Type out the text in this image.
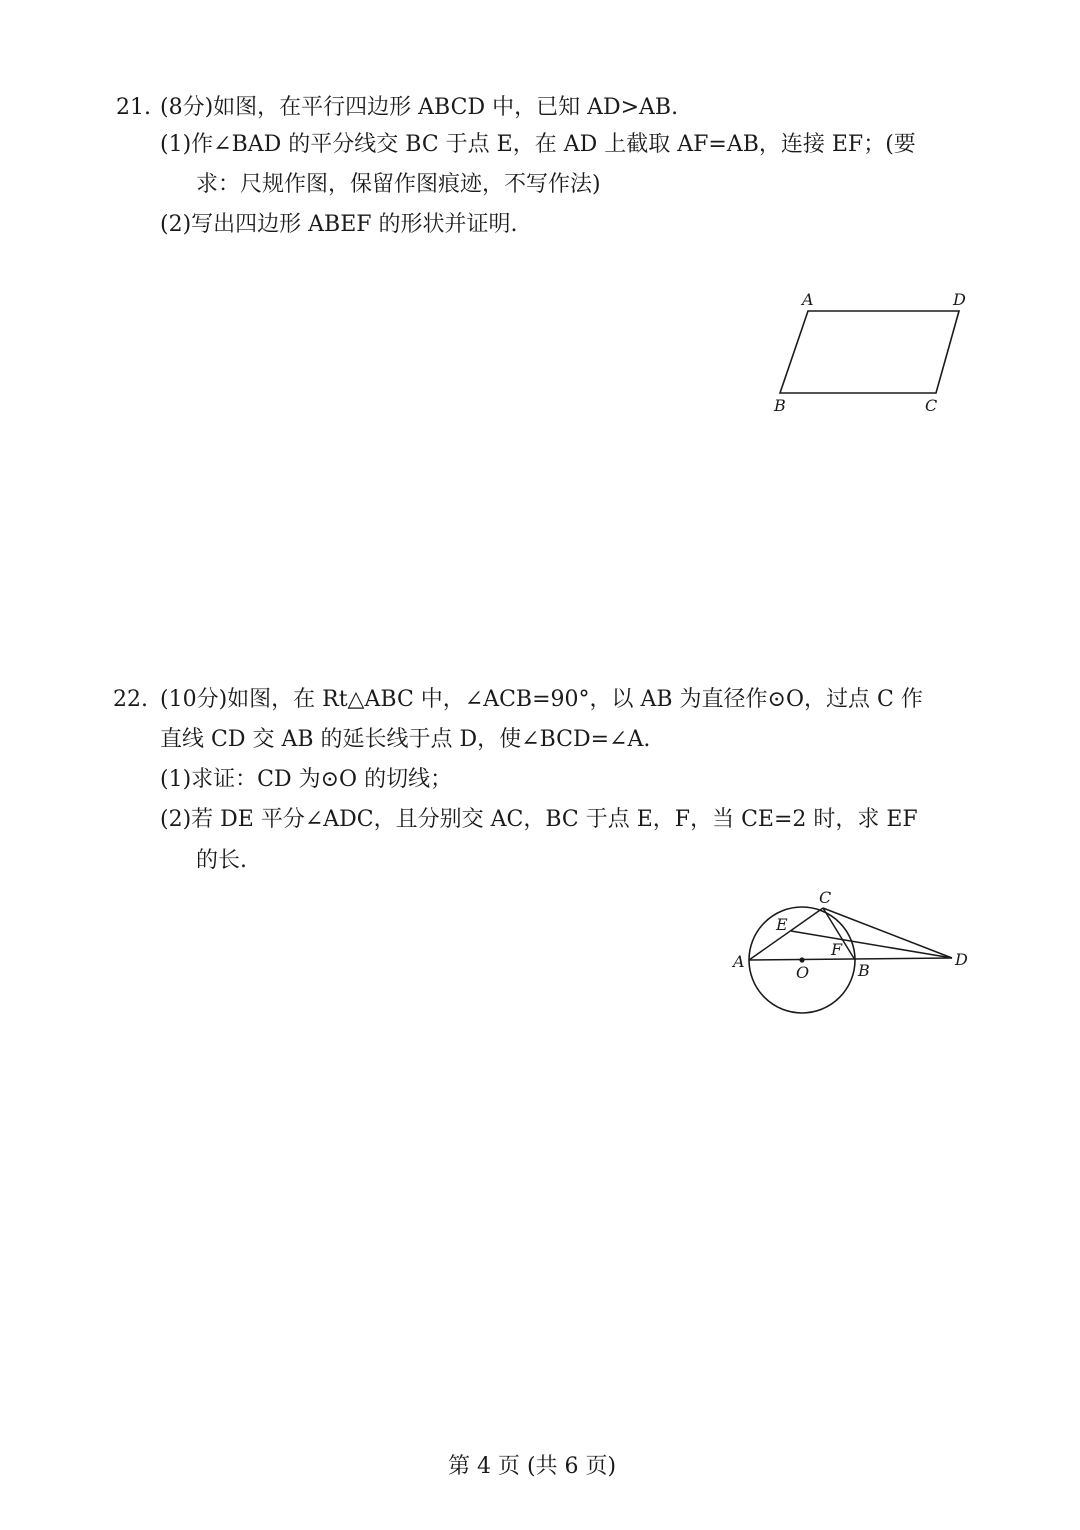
21. (8分)如图，在平行四边形 ABCD 中，已知 AD>AB.
(1)作∠BAD 的平分线交 BC 于点 E，在 AD 上截取 AF=AB，连接 EF；(要
求：尺规作图，保留作图痕迹，不写作法)
(2)写出四边形 ABEF 的形状并证明.
A	D
B	C
22. (10分)如图，在 Rt△ABC 中，∠ACB=90°，以 AB 为直径作⊙O，过点 C 作
直线 CD 交 AB 的延长线于点 D，使∠BCD=∠A.
(1)求证：CD 为⊙O 的切线；
(2)若 DE 平分∠ADC，且分别交 AC，BC 于点 E，F，当 CE=2 时，求 EF
的长.
C
E
F
A
O	B
D
第 4 页 (共 6 页)
